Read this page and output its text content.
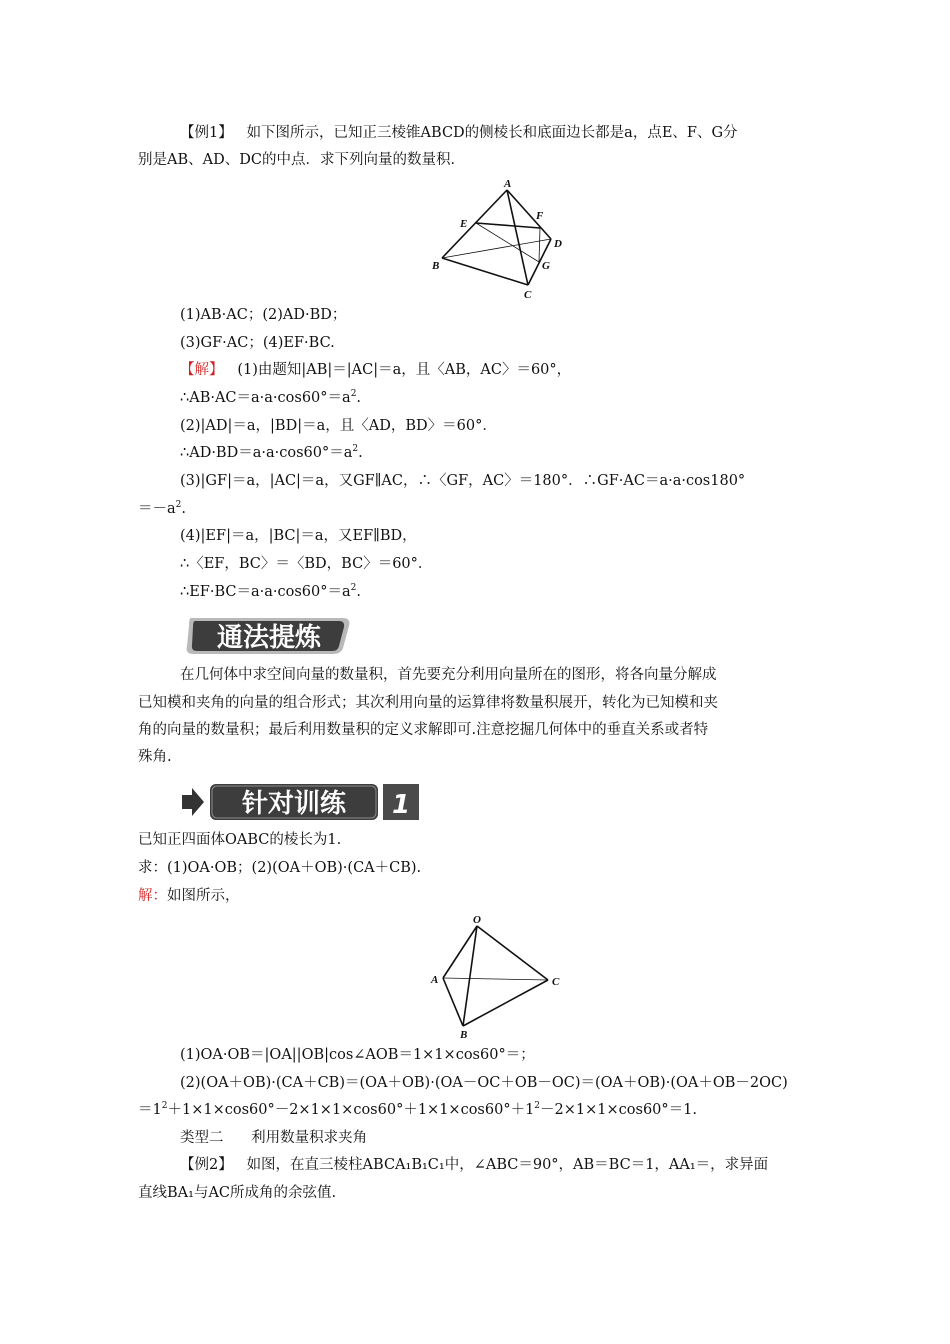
【例1】 如下图所示，已知正三棱锥ABCD的侧棱长和底面边长都是a，点E、F、G分
别是AB、AD、DC的中点．求下列向量的数量积．
A
E
F
D
G
B
C
(1)AB·AC；(2)AD·BD；
(3)GF·AC；(4)EF·BC.
【解】 (1)由题知|AB|＝|AC|＝a，且〈AB，AC〉＝60°，
$\therefore AB\cdot AC=a\cdot a\cdot\cos 60^\circ=a^2$.
(2)|AD|＝a，|BD|＝a，且〈AD，BD〉＝60°．
$\therefore AD\cdot BD=a\cdot a\cdot\cos 60^\circ=a^2$.
(3)|GF|＝a，|AC|＝a，又GF∥AC，∴〈GF，AC〉＝180°．∴GF·AC＝a·a·cos180°
$=-a^2$.
(4)|EF|＝a，|BC|＝a，又EF∥BD，
∴〈EF，BC〉＝〈BD，BC〉＝60°．
$\therefore EF\cdot BC=a\cdot a\cdot\cos 60^\circ=a^2$.
通法提炼
在几何体中求空间向量的数量积，首先要充分利用向量所在的图形，将各向量分解成
已知模和夹角的向量的组合形式；其次利用向量的运算律将数量积展开，转化为已知模和夹
角的向量的数量积；最后利用数量积的定义求解即可.注意挖掘几何体中的垂直关系或者特
殊角.
针对训练 1
已知正四面体OABC的棱长为1.
求：(1)OA·OB；(2)(OA＋OB)·(CA＋CB).
解：如图所示，
O
A	C
B
(1)OA·OB＝|OA||OB|cos∠AOB＝1×1×cos60°＝；
(2)(OA＋OB)·(CA＋CB)＝(OA＋OB)·(OA－OC＋OB－OC)＝(OA＋OB)·(OA＋OB－2OC)
$=1^2+1\times 1\times\cos 60^\circ-2\times 1\times 1\times\cos 60^\circ+1\times 1\times\cos 60^\circ+1^2-2\times 1\times 1\times\cos 60^\circ=1$.
类型二 利用数量积求夹角
【例2】 如图，在直三棱柱ABCA₁B₁C₁中，∠ABC＝90°，AB＝BC＝1，AA₁＝，求异面
直线BA₁与AC所成角的余弦值.
